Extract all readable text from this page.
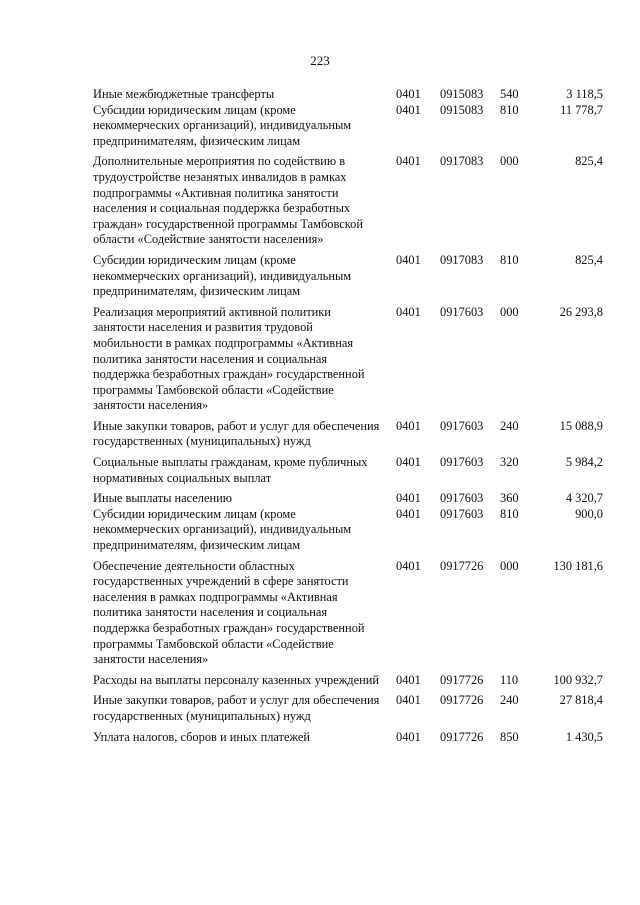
223
Иные межбюджетные трансферты	0401	0915083	540	3 118,5
Субсидии юридическим лицам (кроме некоммерческих организаций), индивидуальным предпринимателям, физическим лицам
0401	0915083	810	11 778,7
Дополнительные мероприятия по содействию в трудоустройстве незанятых инвалидов в рамках подпрограммы «Активная политика занятости населения и социальная поддержка безработных граждан» государственной программы Тамбовской области «Содействие занятости населения»
0401	0917083	000	825,4
Субсидии юридическим лицам (кроме некоммерческих организаций), индивидуальным предпринимателям, физическим лицам
0401	0917083	810	825,4
Реализация мероприятий активной политики занятости населения и развития трудовой мобильности в рамках подпрограммы «Активная политика занятости населения и социальная поддержка безработных граждан» государственной программы Тамбовской области «Содействие занятости населения»
0401	0917603	000	26 293,8
Иные закупки товаров, работ и услуг для обеспечения государственных (муниципальных) нужд
0401	0917603	240	15 088,9
Социальные выплаты гражданам, кроме публичных нормативных социальных выплат
0401	0917603	320	5 984,2
Иные выплаты населению	0401	0917603	360	4 320,7
Субсидии юридическим лицам (кроме некоммерческих организаций), индивидуальным предпринимателям, физическим лицам
0401	0917603	810	900,0
Обеспечение деятельности областных государственных учреждений в сфере занятости населения в рамках подпрограммы «Активная политика занятости населения и социальная поддержка безработных граждан» государственной программы Тамбовской области «Содействие занятости населения»
0401	0917726	000	130 181,6
Расходы на выплаты персоналу казенных учреждений	0401	0917726	110	100 932,7
Иные закупки товаров, работ и услуг для обеспечения государственных (муниципальных) нужд
0401	0917726	240	27 818,4
Уплата налогов, сборов и иных платежей	0401	0917726	850	1 430,5
